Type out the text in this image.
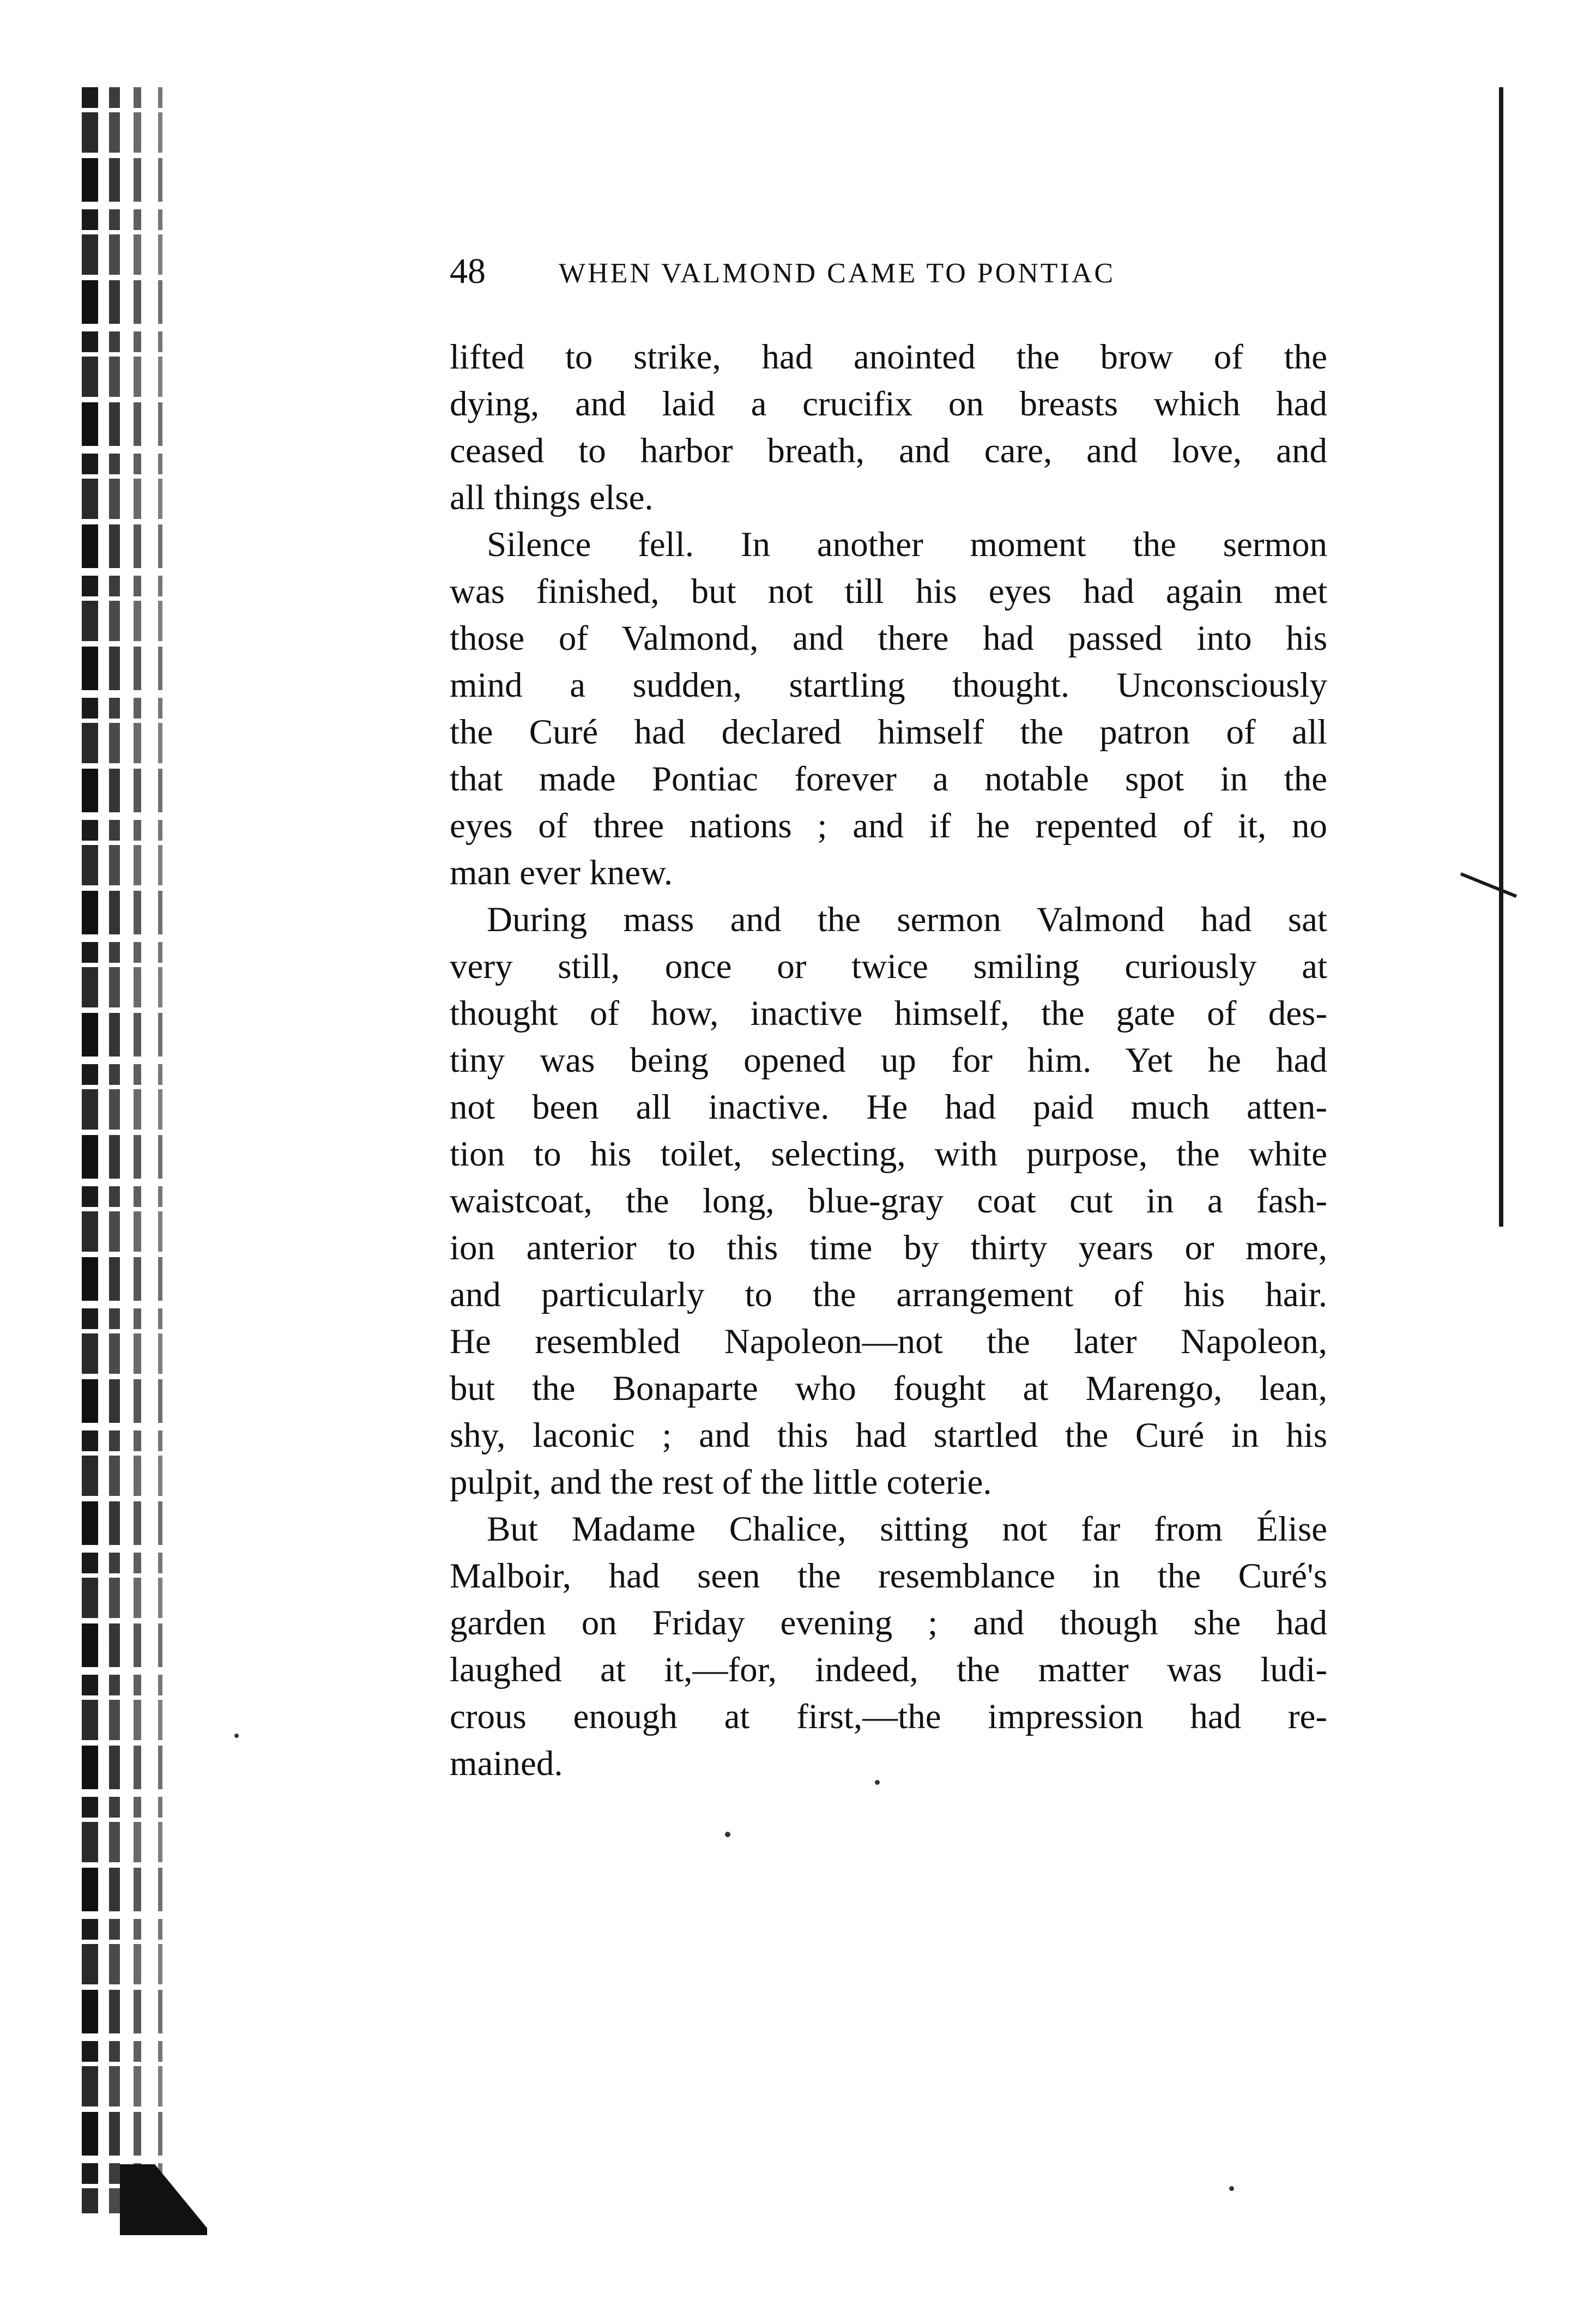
48	WHEN VALMOND CAME TO PONTIAC

lifted to strike, had anointed the brow of the
dying, and laid a crucifix on breasts which had
ceased to harbor breath, and care, and love, and
all things else.

Silence fell. In another moment the sermon
was finished, but not till his eyes had again met
those of Valmond, and there had passed into his
mind a sudden, startling thought. Unconsciously
the Curé had declared himself the patron of all
that made Pontiac forever a notable spot in the
eyes of three nations ; and if he repented of it, no
man ever knew.

During mass and the sermon Valmond had sat
very still, once or twice smiling curiously at
thought of how, inactive himself, the gate of des-
tiny was being opened up for him. Yet he had
not been all inactive. He had paid much atten-
tion to his toilet, selecting, with purpose, the white
waistcoat, the long, blue-gray coat cut in a fash-
ion anterior to this time by thirty years or more,
and particularly to the arrangement of his hair.
He resembled Napoleon—not the later Napoleon,
but the Bonaparte who fought at Marengo, lean,
shy, laconic ; and this had startled the Curé in his
pulpit, and the rest of the little coterie.

But Madame Chalice, sitting not far from Élise
Malboir, had seen the resemblance in the Curé's
garden on Friday evening ; and though she had
laughed at it,—for, indeed, the matter was ludi-
crous enough at first,—the impression had re-
mained.
